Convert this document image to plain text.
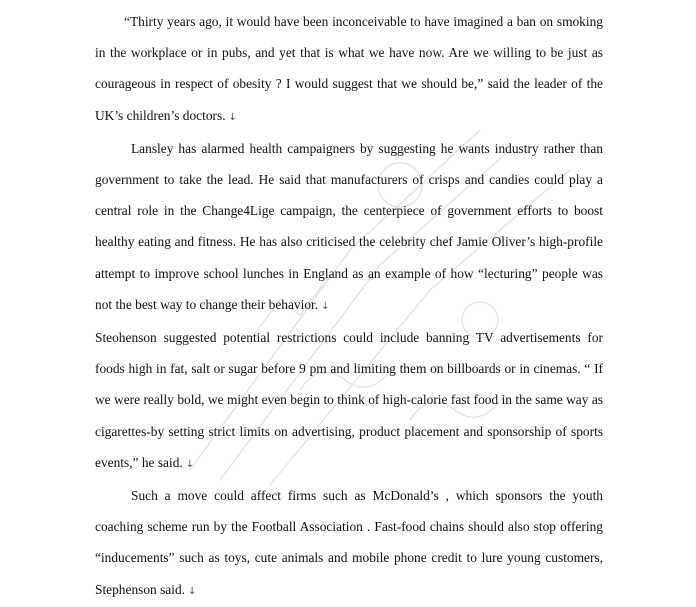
“Thirty years ago, it would have been inconceivable to have imagined a ban on smoking in the workplace or in pubs, and yet that is what we have now. Are we willing to be just as courageous in respect of obesity ? I would suggest that we should be,” said the leader of the UK’s children’s doctors. ↓

Lansley has alarmed health campaigners by suggesting he wants industry rather than government to take the lead. He said that manufacturers of crisps and candies could play a central role in the Change4Lige campaign, the centerpiece of government efforts to boost healthy eating and fitness. He has also criticised the celebrity chef Jamie Oliver’s high-profile attempt to improve school lunches in England as an example of how “lecturing” people was not the best way to change their behavior. ↓

Steohenson suggested potential restrictions could include banning TV advertisements for foods high in fat, salt or sugar before 9 pm and limiting them on billboards or in cinemas. “ If we were really bold, we might even begin to think of high-calorie fast food in the same way as cigarettes-by setting strict limits on advertising, product placement and sponsorship of sports events,” he said. ↓

Such a move could affect firms such as McDonald’s , which sponsors the youth coaching scheme run by the Football Association . Fast-food chains should also stop offering “inducements” such as toys, cute animals and mobile phone credit to lure young customers, Stephenson said. ↓
